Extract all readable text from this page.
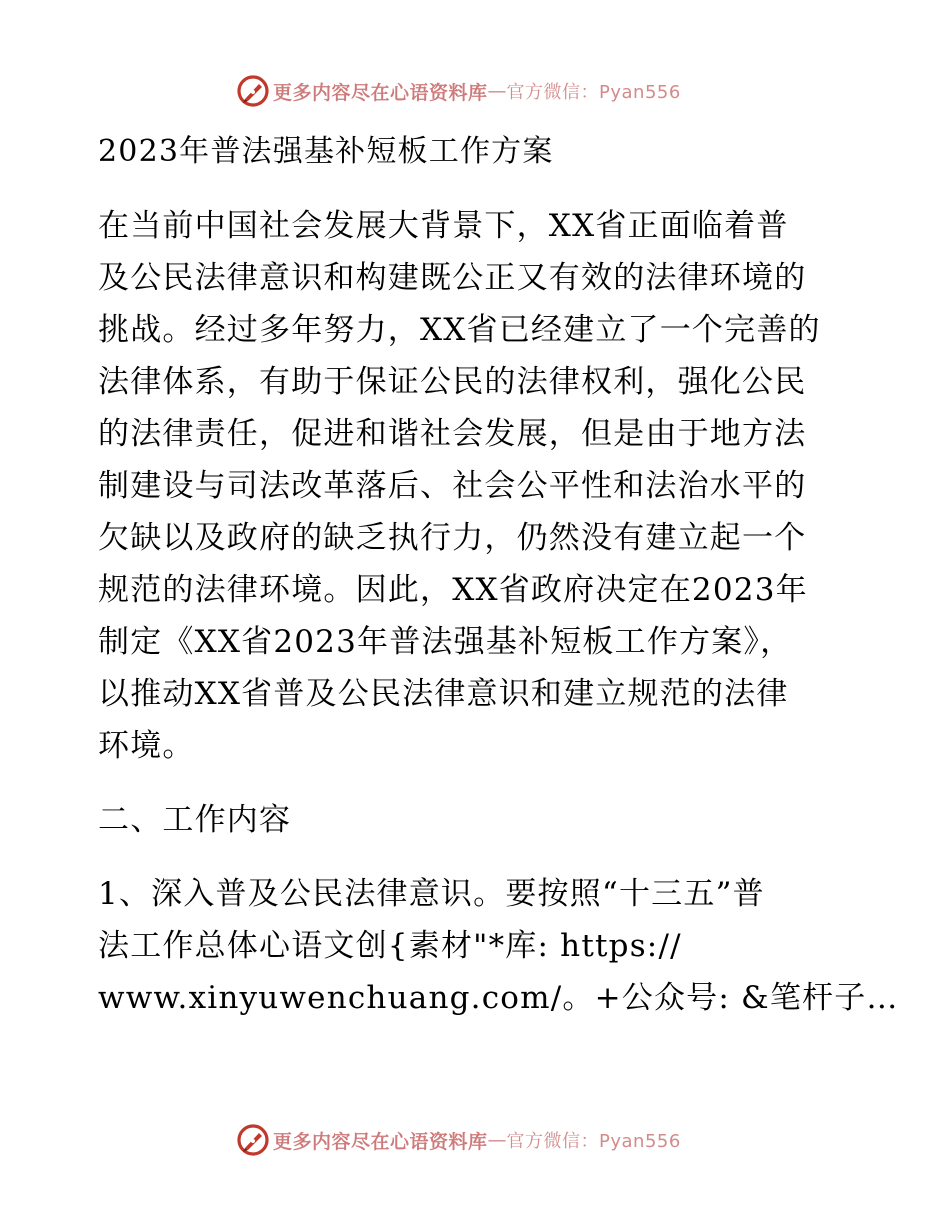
更多内容尽在心语资料库 — 官方微信：Pyan556
2023年普法强基补短板工作方案
在当前中国社会发展大背景下，XX省正面临着普
及公民法律意识和构建既公正又有效的法律环境的
挑战。经过多年努力，XX省已经建立了一个完善的
法律体系，有助于保证公民的法律权利，强化公民
的法律责任，促进和谐社会发展，但是由于地方法
制建设与司法改革落后、社会公平性和法治水平的
欠缺以及政府的缺乏执行力，仍然没有建立起一个
规范的法律环境。因此，XX省政府决定在2023年
制定《XX省2023年普法强基补短板工作方案》，
以推动XX省普及公民法律意识和建立规范的法律
环境。
二、工作内容
1、深入普及公民法律意识。要按照“十三五”普
法工作总体心语文创{素材"*库: https://
www.xinyuwenchuang.com/。+公众号: &笔杆子…
更多内容尽在心语资料库 — 官方微信：Pyan556
